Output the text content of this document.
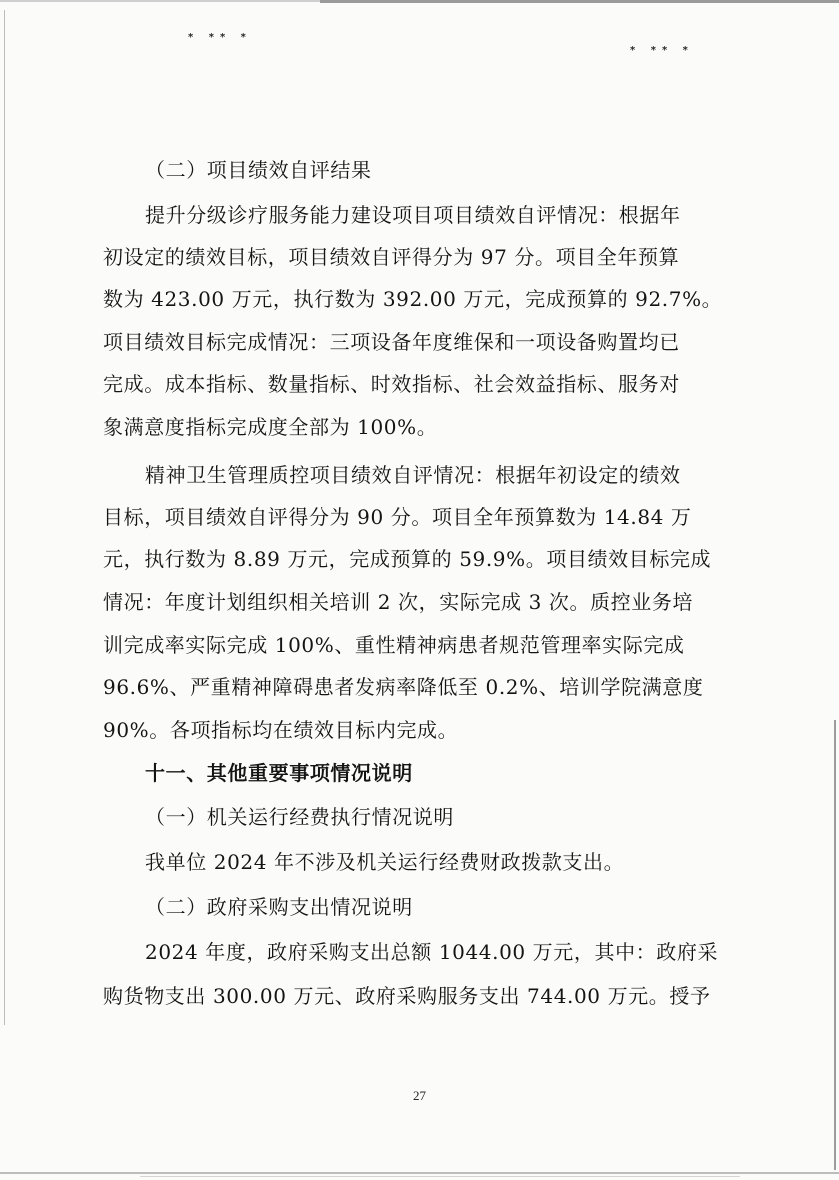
* ** *
* ** *
（二）项目绩效自评结果
提升分级诊疗服务能力建设项目项目绩效自评情况：根据年
初设定的绩效目标，项目绩效自评得分为 97 分。项目全年预算
数为 423.00 万元，执行数为 392.00 万元，完成预算的 92.7%。
项目绩效目标完成情况：三项设备年度维保和一项设备购置均已
完成。成本指标、数量指标、时效指标、社会效益指标、服务对
象满意度指标完成度全部为 100%。
精神卫生管理质控项目绩效自评情况：根据年初设定的绩效
目标，项目绩效自评得分为 90 分。项目全年预算数为 14.84 万
元，执行数为 8.89 万元，完成预算的 59.9%。项目绩效目标完成
情况：年度计划组织相关培训 2 次，实际完成 3 次。质控业务培
训完成率实际完成 100%、重性精神病患者规范管理率实际完成
96.6%、严重精神障碍患者发病率降低至 0.2%、培训学院满意度
90%。各项指标均在绩效目标内完成。
十一、其他重要事项情况说明
（一）机关运行经费执行情况说明
我单位 2024 年不涉及机关运行经费财政拨款支出。
（二）政府采购支出情况说明
2024 年度，政府采购支出总额 1044.00 万元，其中：政府采
购货物支出 300.00 万元、政府采购服务支出 744.00 万元。授予
27
